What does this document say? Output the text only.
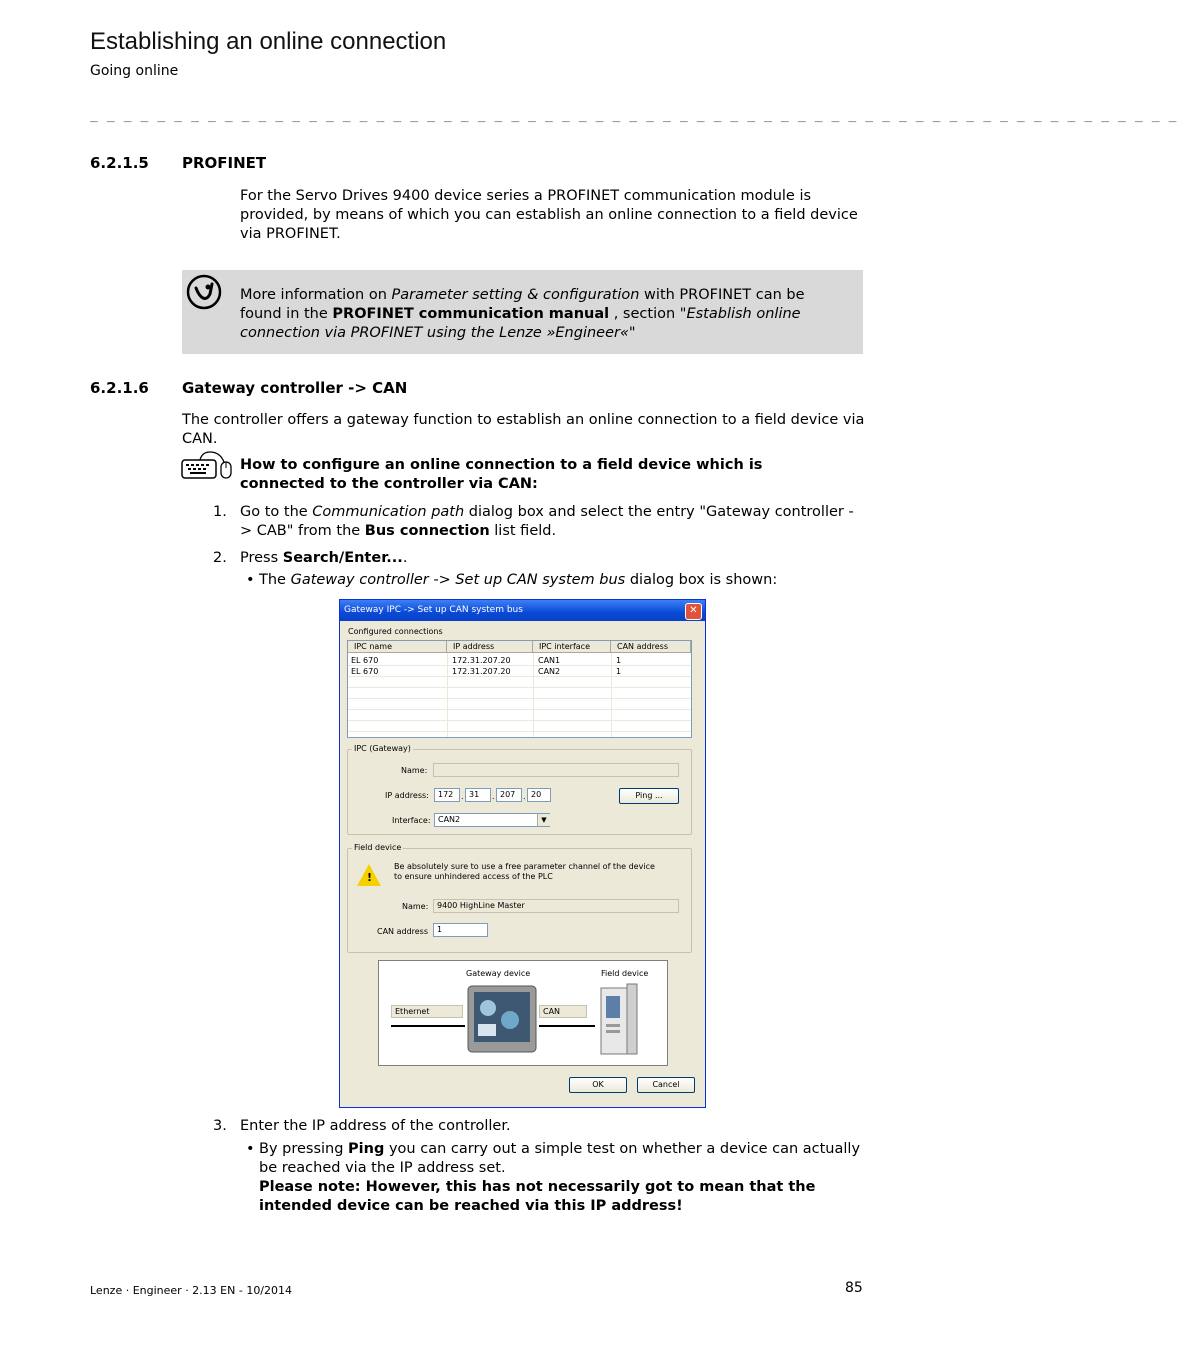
Establishing an online connection
Going online
_ _ _ _ _ _ _ _ _ _ _ _ _ _ _ _ _ _ _ _ _ _ _ _ _ _ _ _ _ _ _ _ _ _ _ _ _ _ _ _ _ _ _ _ _ _ _ _ _ _ _ _ _ _ _ _ _ _ _ _ _ _ _ _ _
6.2.1.5 PROFINET
For the Servo Drives 9400 device series a PROFINET communication module is provided, by means of which you can establish an online connection to a field device via PROFINET.
More information on Parameter setting & configuration with PROFINET can be found in the PROFINET communication manual , section "Establish online connection via PROFINET using the Lenze »Engineer«"
6.2.1.6 Gateway controller -> CAN
The controller offers a gateway function to establish an online connection to a field device via CAN.
How to configure an online connection to a field device which is connected to the controller via CAN:
1. Go to the Communication path dialog box and select the entry "Gateway controller -> CAB" from the Bus connection list field.
2. Press Search/Enter....
• The Gateway controller -> Set up CAN system bus dialog box is shown:
Gateway IPC -> Set up CAN system bus	✕
Configured connections
IPC name	IP address	IPC interface	CAN address
EL 670	172.31.207.20	CAN1	1
EL 670	172.31.207.20	CAN2	1
IPC (Gateway)
Name:
IP address:	172 . 31	. 207 . 20	Ping ...
Interface: CAN2	▼
Field device
!
Be absolutely sure to use a free parameter channel of the device to ensure unhindered access of the PLC
Name:	9400 HighLine Master
CAN address	1
Gateway device	Field device
Ethernet	CAN
OK	Cancel
3. Enter the IP address of the controller.
• By pressing Ping you can carry out a simple test on whether a device can actually be reached via the IP address set.
Please note: However, this has not necessarily got to mean that the intended device can be reached via this IP address!
Lenze · Engineer · 2.13 EN - 10/2014	85
